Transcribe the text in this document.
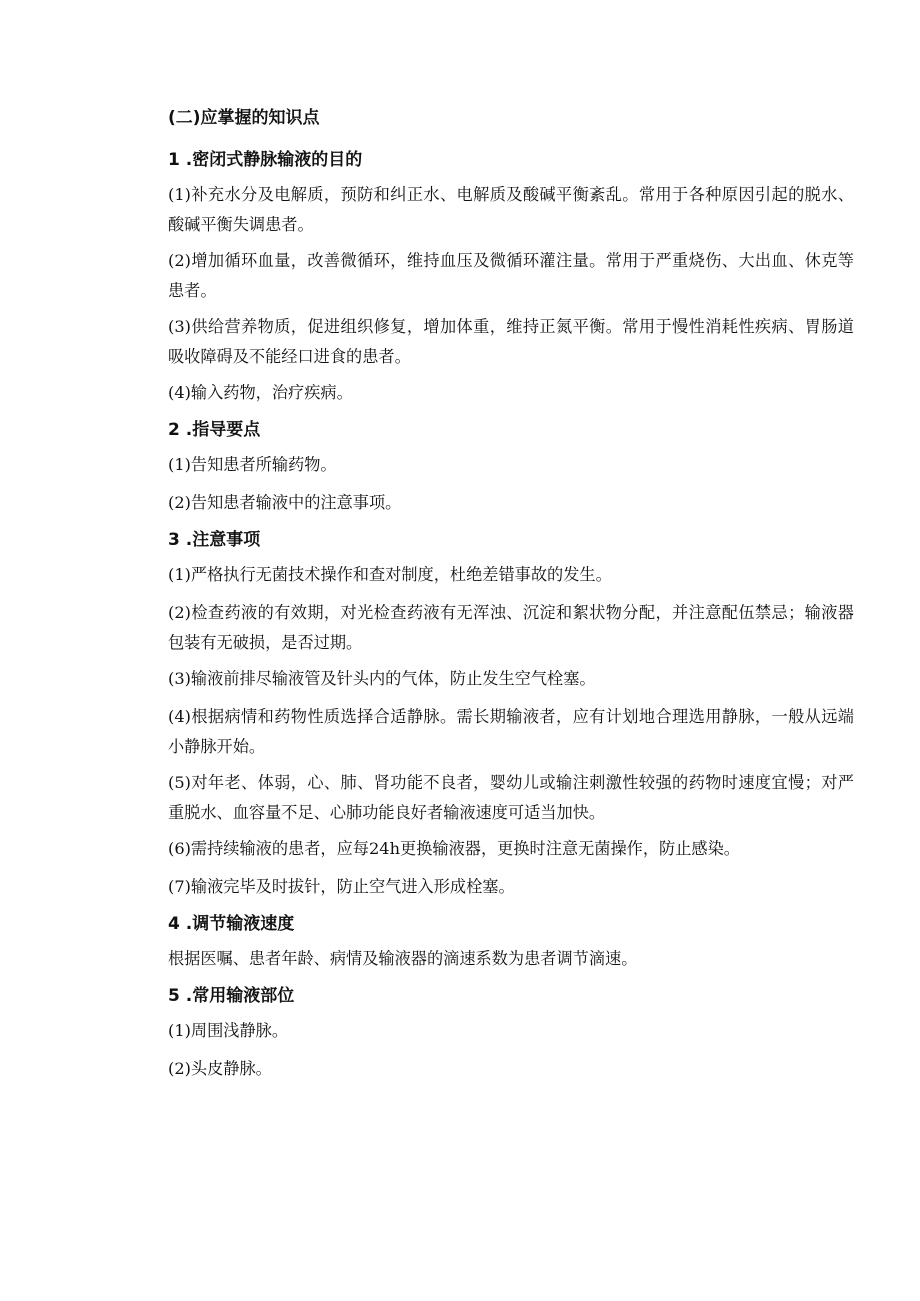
(二)应掌握的知识点

1 .密闭式静脉输液的目的

(1)补充水分及电解质，预防和纠正水、电解质及酸碱平衡紊乱。常用于各种原因引起的脱水、酸碱平衡失调患者。

(2)增加循环血量，改善微循环，维持血压及微循环灌注量。常用于严重烧伤、大出血、休克等患者。

(3)供给营养物质，促进组织修复，增加体重，维持正氮平衡。常用于慢性消耗性疾病、胃肠道吸收障碍及不能经口进食的患者。

(4)输入药物，治疗疾病。

2 .指导要点

(1)告知患者所输药物。

(2)告知患者输液中的注意事项。

3 .注意事项

(1)严格执行无菌技术操作和查对制度，杜绝差错事故的发生。

(2)检查药液的有效期，对光检查药液有无浑浊、沉淀和絮状物分配，并注意配伍禁忌；输液器包装有无破损，是否过期。

(3)输液前排尽输液管及针头内的气体，防止发生空气栓塞。

(4)根据病情和药物性质选择合适静脉。需长期输液者，应有计划地合理选用静脉，一般从远端小静脉开始。

(5)对年老、体弱，心、肺、肾功能不良者，婴幼儿或输注刺激性较强的药物时速度宜慢；对严重脱水、血容量不足、心肺功能良好者输液速度可适当加快。

(6)需持续输液的患者，应每24h更换输液器，更换时注意无菌操作，防止感染。

(7)输液完毕及时拔针，防止空气进入形成栓塞。

4 .调节输液速度

根据医嘱、患者年龄、病情及输液器的滴速系数为患者调节滴速。

5 .常用输液部位

(1)周围浅静脉。

(2)头皮静脉。
